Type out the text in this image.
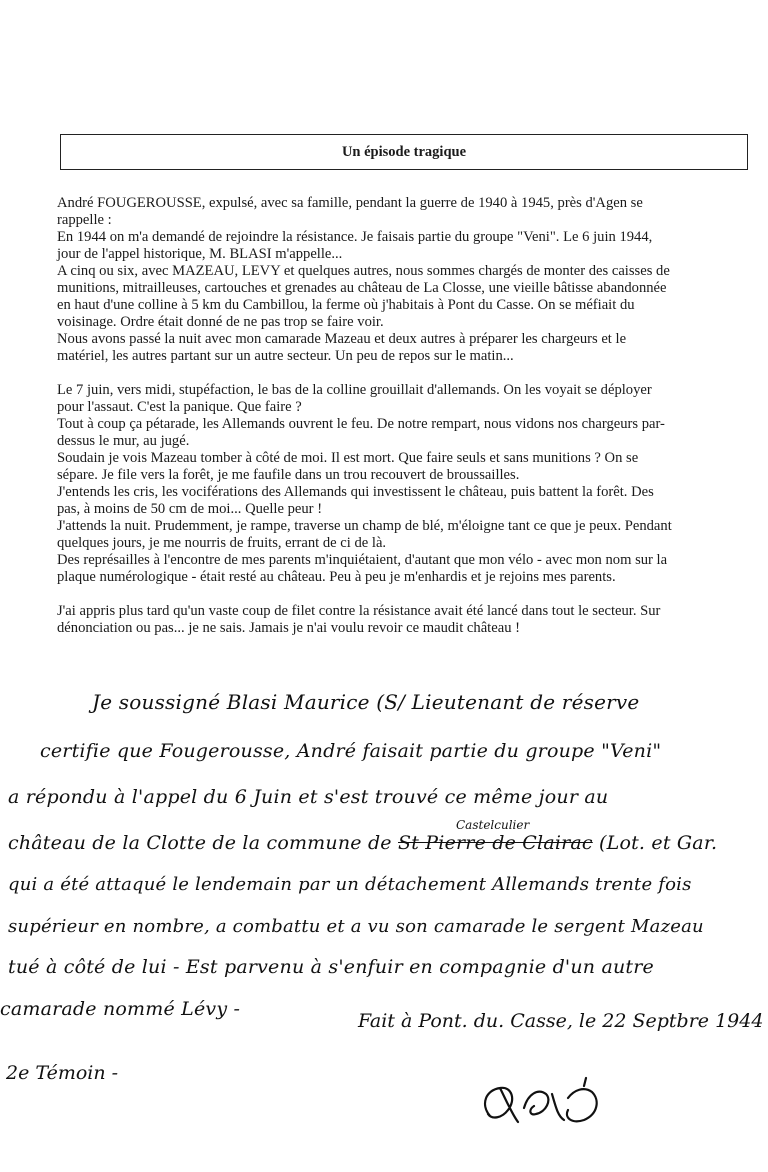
Un épisode tragique
André FOUGEROUSSE, expulsé, avec sa famille, pendant la guerre de 1940 à 1945, près d'Agen se
rappelle :
En 1944 on m'a demandé de rejoindre la résistance. Je faisais partie du groupe "Veni". Le 6 juin 1944,
jour de l'appel historique, M. BLASI m'appelle...
A cinq ou six, avec MAZEAU, LEVY et quelques autres, nous sommes chargés de monter des caisses de
munitions, mitrailleuses, cartouches et grenades au château de La Closse, une vieille bâtisse abandonnée
en haut d'une colline à 5 km du Cambillou, la ferme où j'habitais à Pont du Casse. On se méfiait du
voisinage. Ordre était donné de ne pas trop se faire voir.
Nous avons passé la nuit avec mon camarade Mazeau et deux autres à préparer les chargeurs et le
matériel, les autres partant sur un autre secteur. Un peu de repos sur le matin...
Le 7 juin, vers midi, stupéfaction, le bas de la colline grouillait d'allemands. On les voyait se déployer
pour l'assaut. C'est la panique. Que faire ?
Tout à coup ça pétarade, les Allemands ouvrent le feu. De notre rempart, nous vidons nos chargeurs par-
dessus le mur, au jugé.
Soudain je vois Mazeau tomber à côté de moi. Il est mort. Que faire seuls et sans munitions ? On se
sépare. Je file vers la forêt, je me faufile dans un trou recouvert de broussailles.
J'entends les cris, les vociférations des Allemands qui investissent le château, puis battent la forêt. Des
pas, à moins de 50 cm de moi... Quelle peur !
J'attends la nuit. Prudemment, je rampe, traverse un champ de blé, m'éloigne tant ce que je peux. Pendant
quelques jours, je me nourris de fruits, errant de ci de là.
Des représailles à l'encontre de mes parents m'inquiétaient, d'autant que mon vélo - avec mon nom sur la
plaque numérologique - était resté au château. Peu à peu je m'enhardis et je rejoins mes parents.
J'ai appris plus tard qu'un vaste coup de filet contre la résistance avait été lancé dans tout le secteur. Sur
dénonciation ou pas... je ne sais. Jamais je n'ai voulu revoir ce maudit château !
Je soussigné Blasi Maurice (S/ Lieutenant de réserve
certifie que Fougerousse, André faisait partie du groupe "Veni"
a répondu à l'appel du 6 Juin et s'est trouvé ce même jour au
château de la Clotte de la commune de St Pierre de Clairac (Lot. et Gar.
Castelculier
qui a été attaqué le lendemain par un détachement Allemands trente fois
supérieur en nombre, a combattu et a vu son camarade le sergent Mazeau
tué à côté de lui - Est parvenu à s'enfuir en compagnie d'un autre
camarade nommé Lévy -
Fait à Pont. du. Casse, le 22 Septbre 1944
2e Témoin -
